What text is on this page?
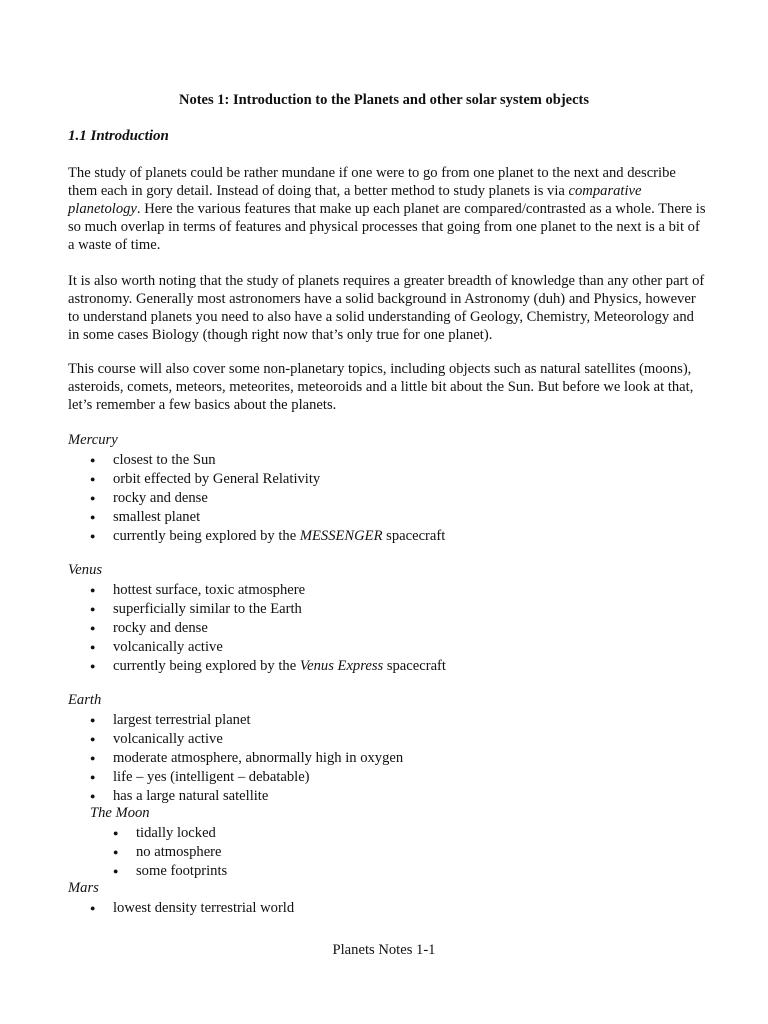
Notes 1: Introduction to the Planets and other solar system objects
1.1 Introduction

The study of planets could be rather mundane if one were to go from one planet to the next and describe them each in gory detail. Instead of doing that, a better method to study planets is via comparative planetology. Here the various features that make up each planet are compared/contrasted as a whole. There is so much overlap in terms of features and physical processes that going from one planet to the next is a bit of a waste of time.

It is also worth noting that the study of planets requires a greater breadth of knowledge than any other part of astronomy. Generally most astronomers have a solid background in Astronomy (duh) and Physics, however to understand planets you need to also have a solid understanding of Geology, Chemistry, Meteorology and in some cases Biology (though right now that’s only true for one planet).

This course will also cover some non-planetary topics, including objects such as natural satellites (moons), asteroids, comets, meteors, meteorites, meteoroids and a little bit about the Sun. But before we look at that, let’s remember a few basics about the planets.

Mercury
● closest to the Sun
● orbit effected by General Relativity
● rocky and dense
● smallest planet
● currently being explored by the MESSENGER spacecraft
Venus
● hottest surface, toxic atmosphere
● superficially similar to the Earth
● rocky and dense
● volcanically active
● currently being explored by the Venus Express spacecraft
Earth
● largest terrestrial planet
● volcanically active
● moderate atmosphere, abnormally high in oxygen
● life – yes (intelligent – debatable)
● has a large natural satellite
The Moon
● tidally locked
● no atmosphere
● some footprints
Mars
● lowest density terrestrial world
Planets Notes 1-1
